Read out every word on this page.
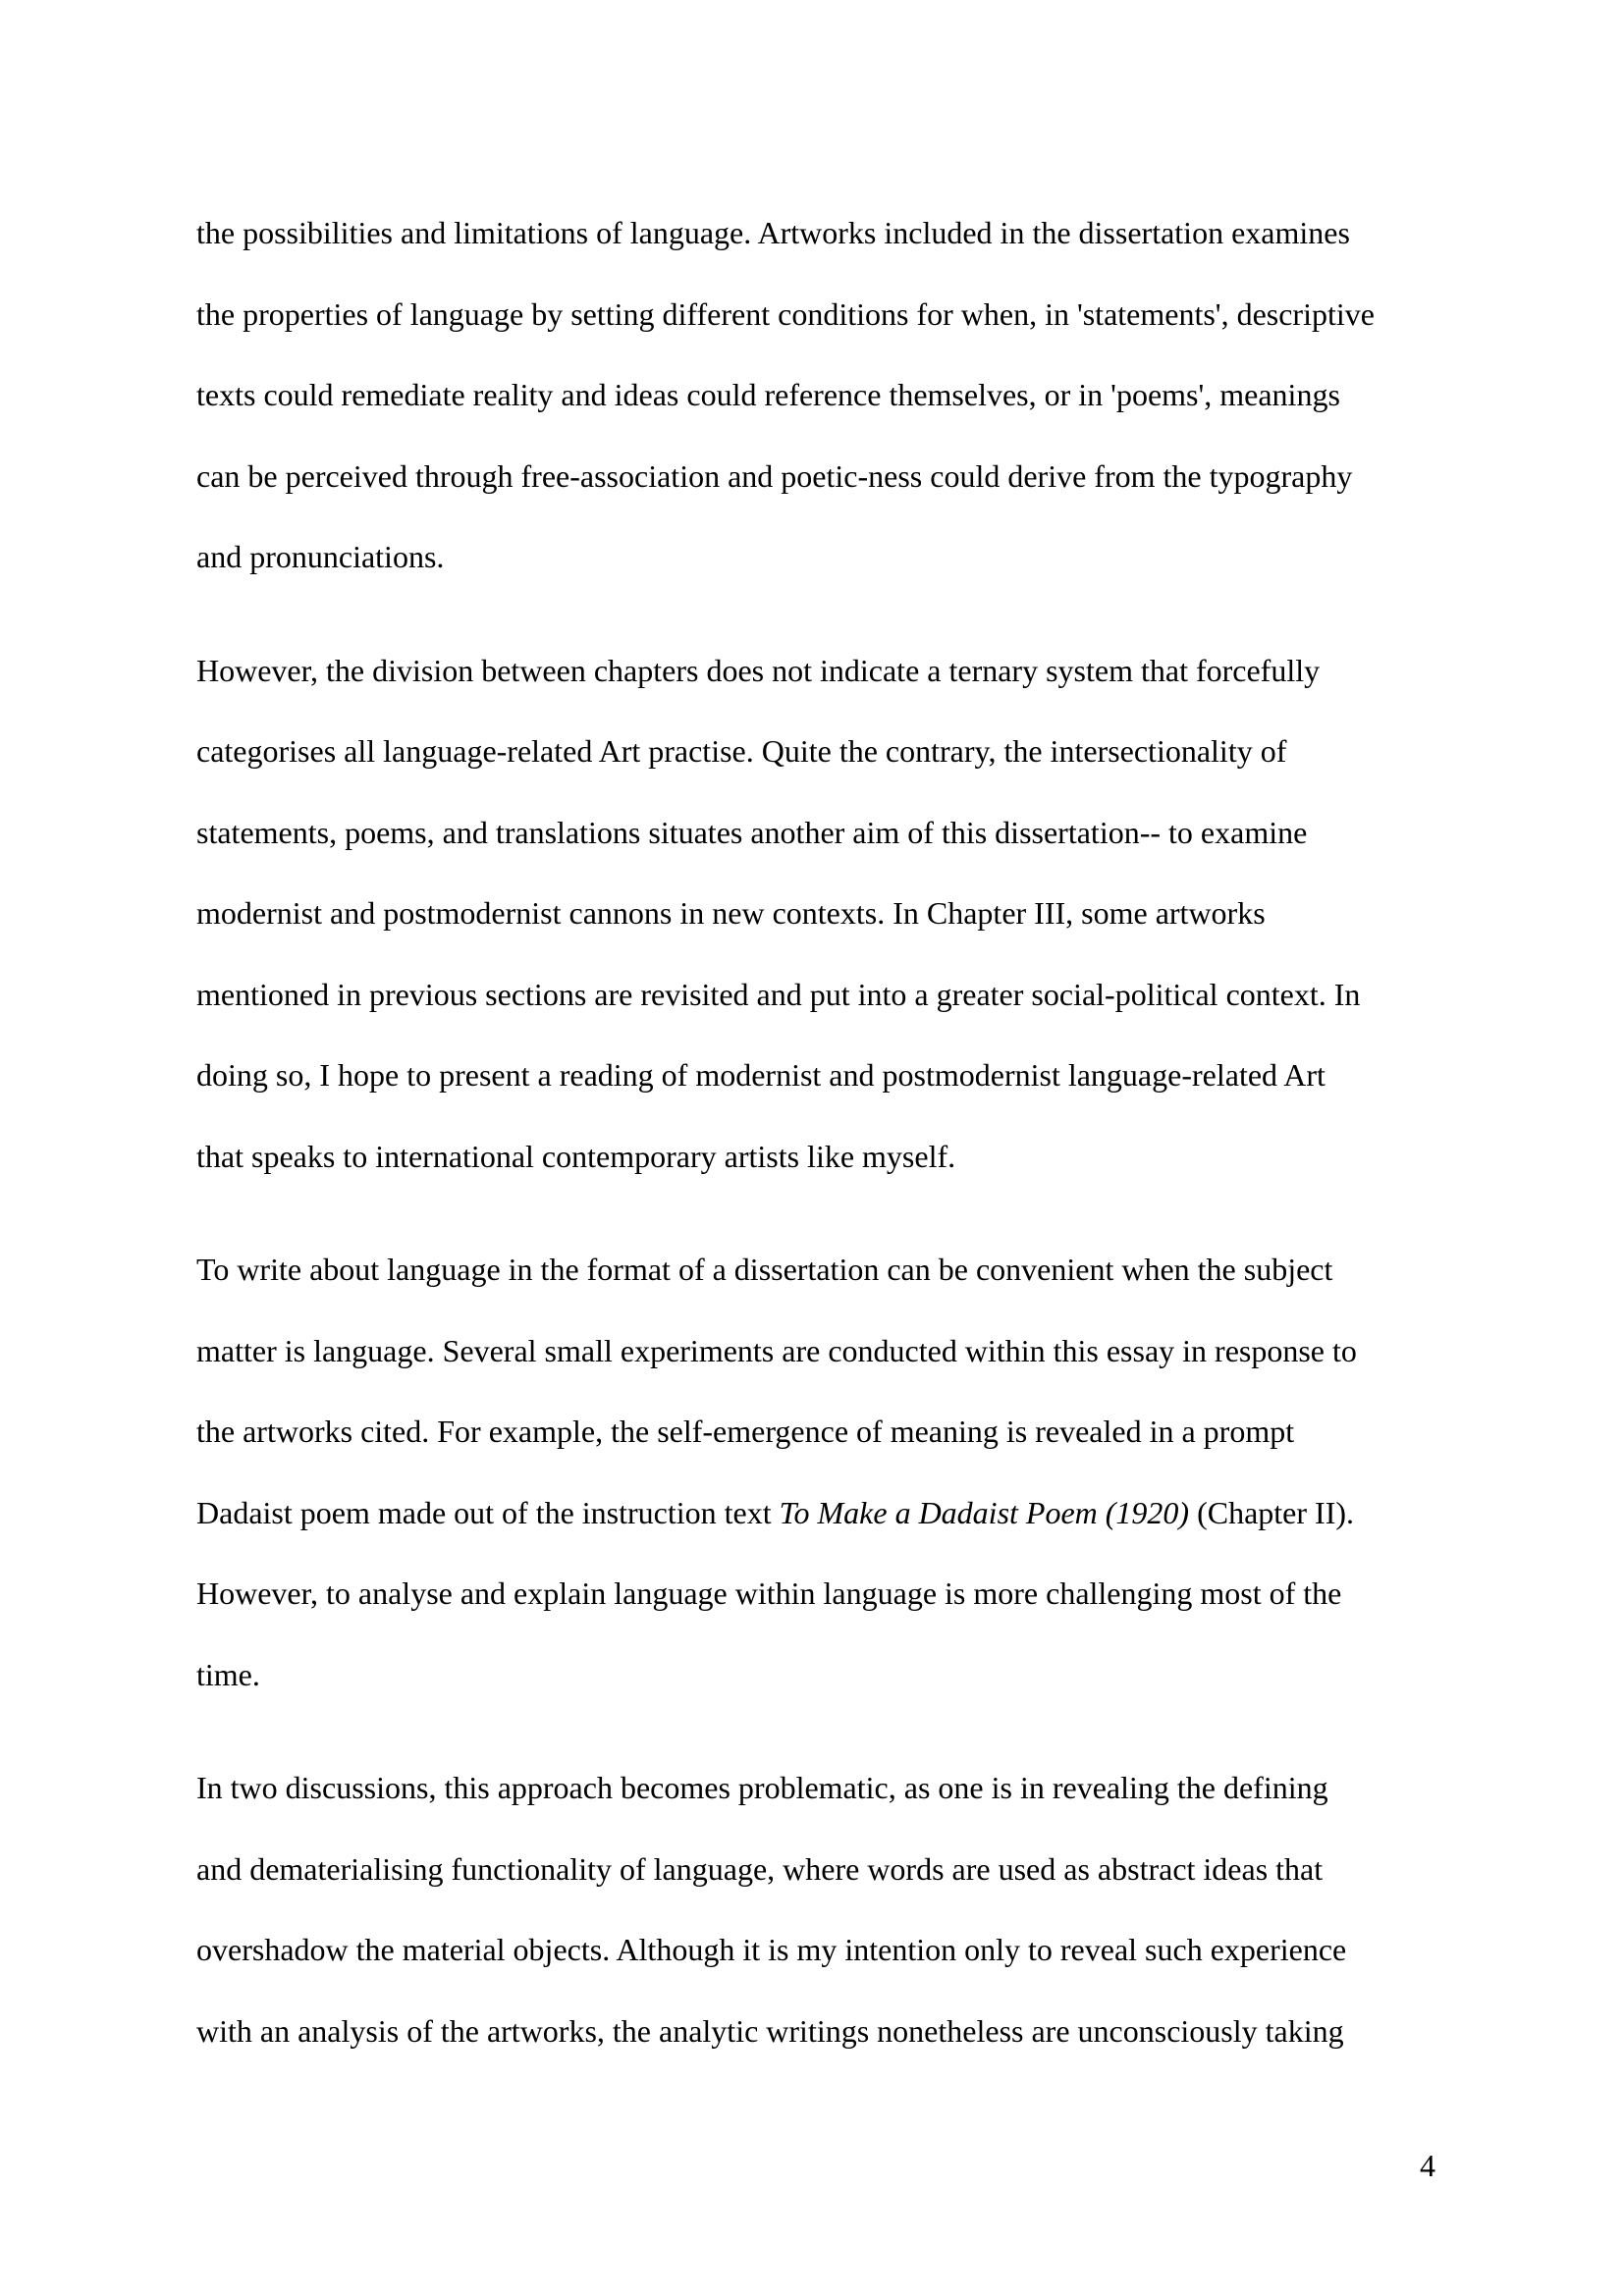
the possibilities and limitations of language. Artworks included in the dissertation examines
the properties of language by setting different conditions for when, in 'statements', descriptive
texts could remediate reality and ideas could reference themselves, or in 'poems', meanings
can be perceived through free-association and poetic-ness could derive from the typography
and pronunciations.

However, the division between chapters does not indicate a ternary system that forcefully
categorises all language-related Art practise. Quite the contrary, the intersectionality of
statements, poems, and translations situates another aim of this dissertation-- to examine
modernist and postmodernist cannons in new contexts. In Chapter III, some artworks
mentioned in previous sections are revisited and put into a greater social-political context. In
doing so, I hope to present a reading of modernist and postmodernist language-related Art
that speaks to international contemporary artists like myself.

To write about language in the format of a dissertation can be convenient when the subject
matter is language. Several small experiments are conducted within this essay in response to
the artworks cited. For example, the self-emergence of meaning is revealed in a prompt
Dadaist poem made out of the instruction text To Make a Dadaist Poem (1920) (Chapter II).
However, to analyse and explain language within language is more challenging most of the
time.

In two discussions, this approach becomes problematic, as one is in revealing the defining
and dematerialising functionality of language, where words are used as abstract ideas that
overshadow the material objects. Although it is my intention only to reveal such experience
with an analysis of the artworks, the analytic writings nonetheless are unconsciously taking

4
